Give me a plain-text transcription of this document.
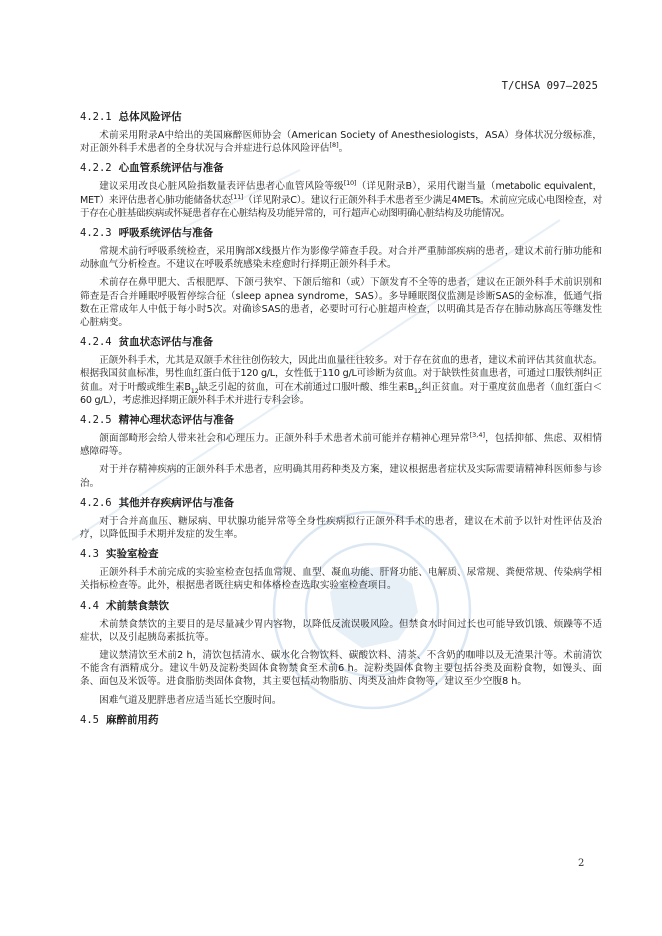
T/CHSA 097—2025
4.2.1 总体风险评估

术前采用附录A中给出的美国麻醉医师协会（American Society of Anesthesiologists，ASA）身体状况分级标准，对正颌外科手术患者的全身状况与合并症进行总体风险评估[8]。

4.2.2 心血管系统评估与准备

建议采用改良心脏风险指数量表评估患者心血管风险等级[10]（详见附录B），采用代谢当量（metabolic equivalent，MET）来评估患者心肺功能储备状态[11]（详见附录C）。建议行正颌外科手术患者至少满足4METs。术前应完成心电图检查，对于存在心脏基础疾病或怀疑患者存在心脏结构及功能异常的，可行超声心动图明确心脏结构及功能情况。

4.2.3 呼吸系统评估与准备

常规术前行呼吸系统检查，采用胸部X线摄片作为影像学筛查手段。对合并严重肺部疾病的患者，建议术前行肺功能和动脉血气分析检查。不建议在呼吸系统感染未痊愈时行择期正颌外科手术。

术前存在鼻甲肥大、舌根肥厚、下颌弓狭窄、下颌后缩和（或）下颌发育不全等的患者，建议在正颌外科手术前识别和筛查是否合并睡眠呼吸暂停综合征（sleep apnea syndrome，SAS）。多导睡眠图仪监测是诊断SAS的金标准，低通气指数在正常成年人中低于每小时5次。对确诊SAS的患者，必要时可行心脏超声检查，以明确其是否存在肺动脉高压等继发性心脏病变。

4.2.4 贫血状态评估与准备

正颌外科手术，尤其是双颌手术往往创伤较大，因此出血量往往较多。对于存在贫血的患者，建议术前评估其贫血状态。根据我国贫血标准，男性血红蛋白低于120 g/L，女性低于110 g/L可诊断为贫血。对于缺铁性贫血患者，可通过口服铁剂纠正贫血。对于叶酸或维生素$B_{12}$缺乏引起的贫血，可在术前通过口服叶酸、维生素$B_{12}$纠正贫血。对于重度贫血患者（血红蛋白＜60 g/L），考虑推迟择期正颌外科手术并进行专科会诊。

4.2.5 精神心理状态评估与准备

颌面部畸形会给人带来社会和心理压力。正颌外科手术患者术前可能并存精神心理异常[3,4]，包括抑郁、焦虑、双相情感障碍等。

对于并存精神疾病的正颌外科手术患者，应明确其用药种类及方案，建议根据患者症状及实际需要请精神科医师参与诊治。

4.2.6 其他并存疾病评估与准备

对于合并高血压、糖尿病、甲状腺功能异常等全身性疾病拟行正颌外科手术的患者，建议在术前予以针对性评估及治疗，以降低围手术期并发症的发生率。

4.3 实验室检查

正颌外科手术前完成的实验室检查包括血常规、血型、凝血功能、肝肾功能、电解质、尿常规、粪便常规、传染病学相关指标检查等。此外，根据患者既往病史和体格检查选取实验室检查项目。

4.4 术前禁食禁饮

术前禁食禁饮的主要目的是尽量减少胃内容物，以降低反流误吸风险。但禁食水时间过长也可能导致饥饿、烦躁等不适症状，以及引起胰岛素抵抗等。

建议禁清饮至术前2 h，清饮包括清水、碳水化合物饮料、碳酸饮料、清茶、不含奶的咖啡以及无渣果汁等。术前清饮不能含有酒精成分。建议牛奶及淀粉类固体食物禁食至术前6 h。淀粉类固体食物主要包括谷类及面粉食物，如馒头、面条、面包及米饭等。进食脂肪类固体食物，其主要包括动物脂肪、肉类及油炸食物等，建议至少空腹8 h。

困难气道及肥胖患者应适当延长空腹时间。

4.5 麻醉前用药
2
